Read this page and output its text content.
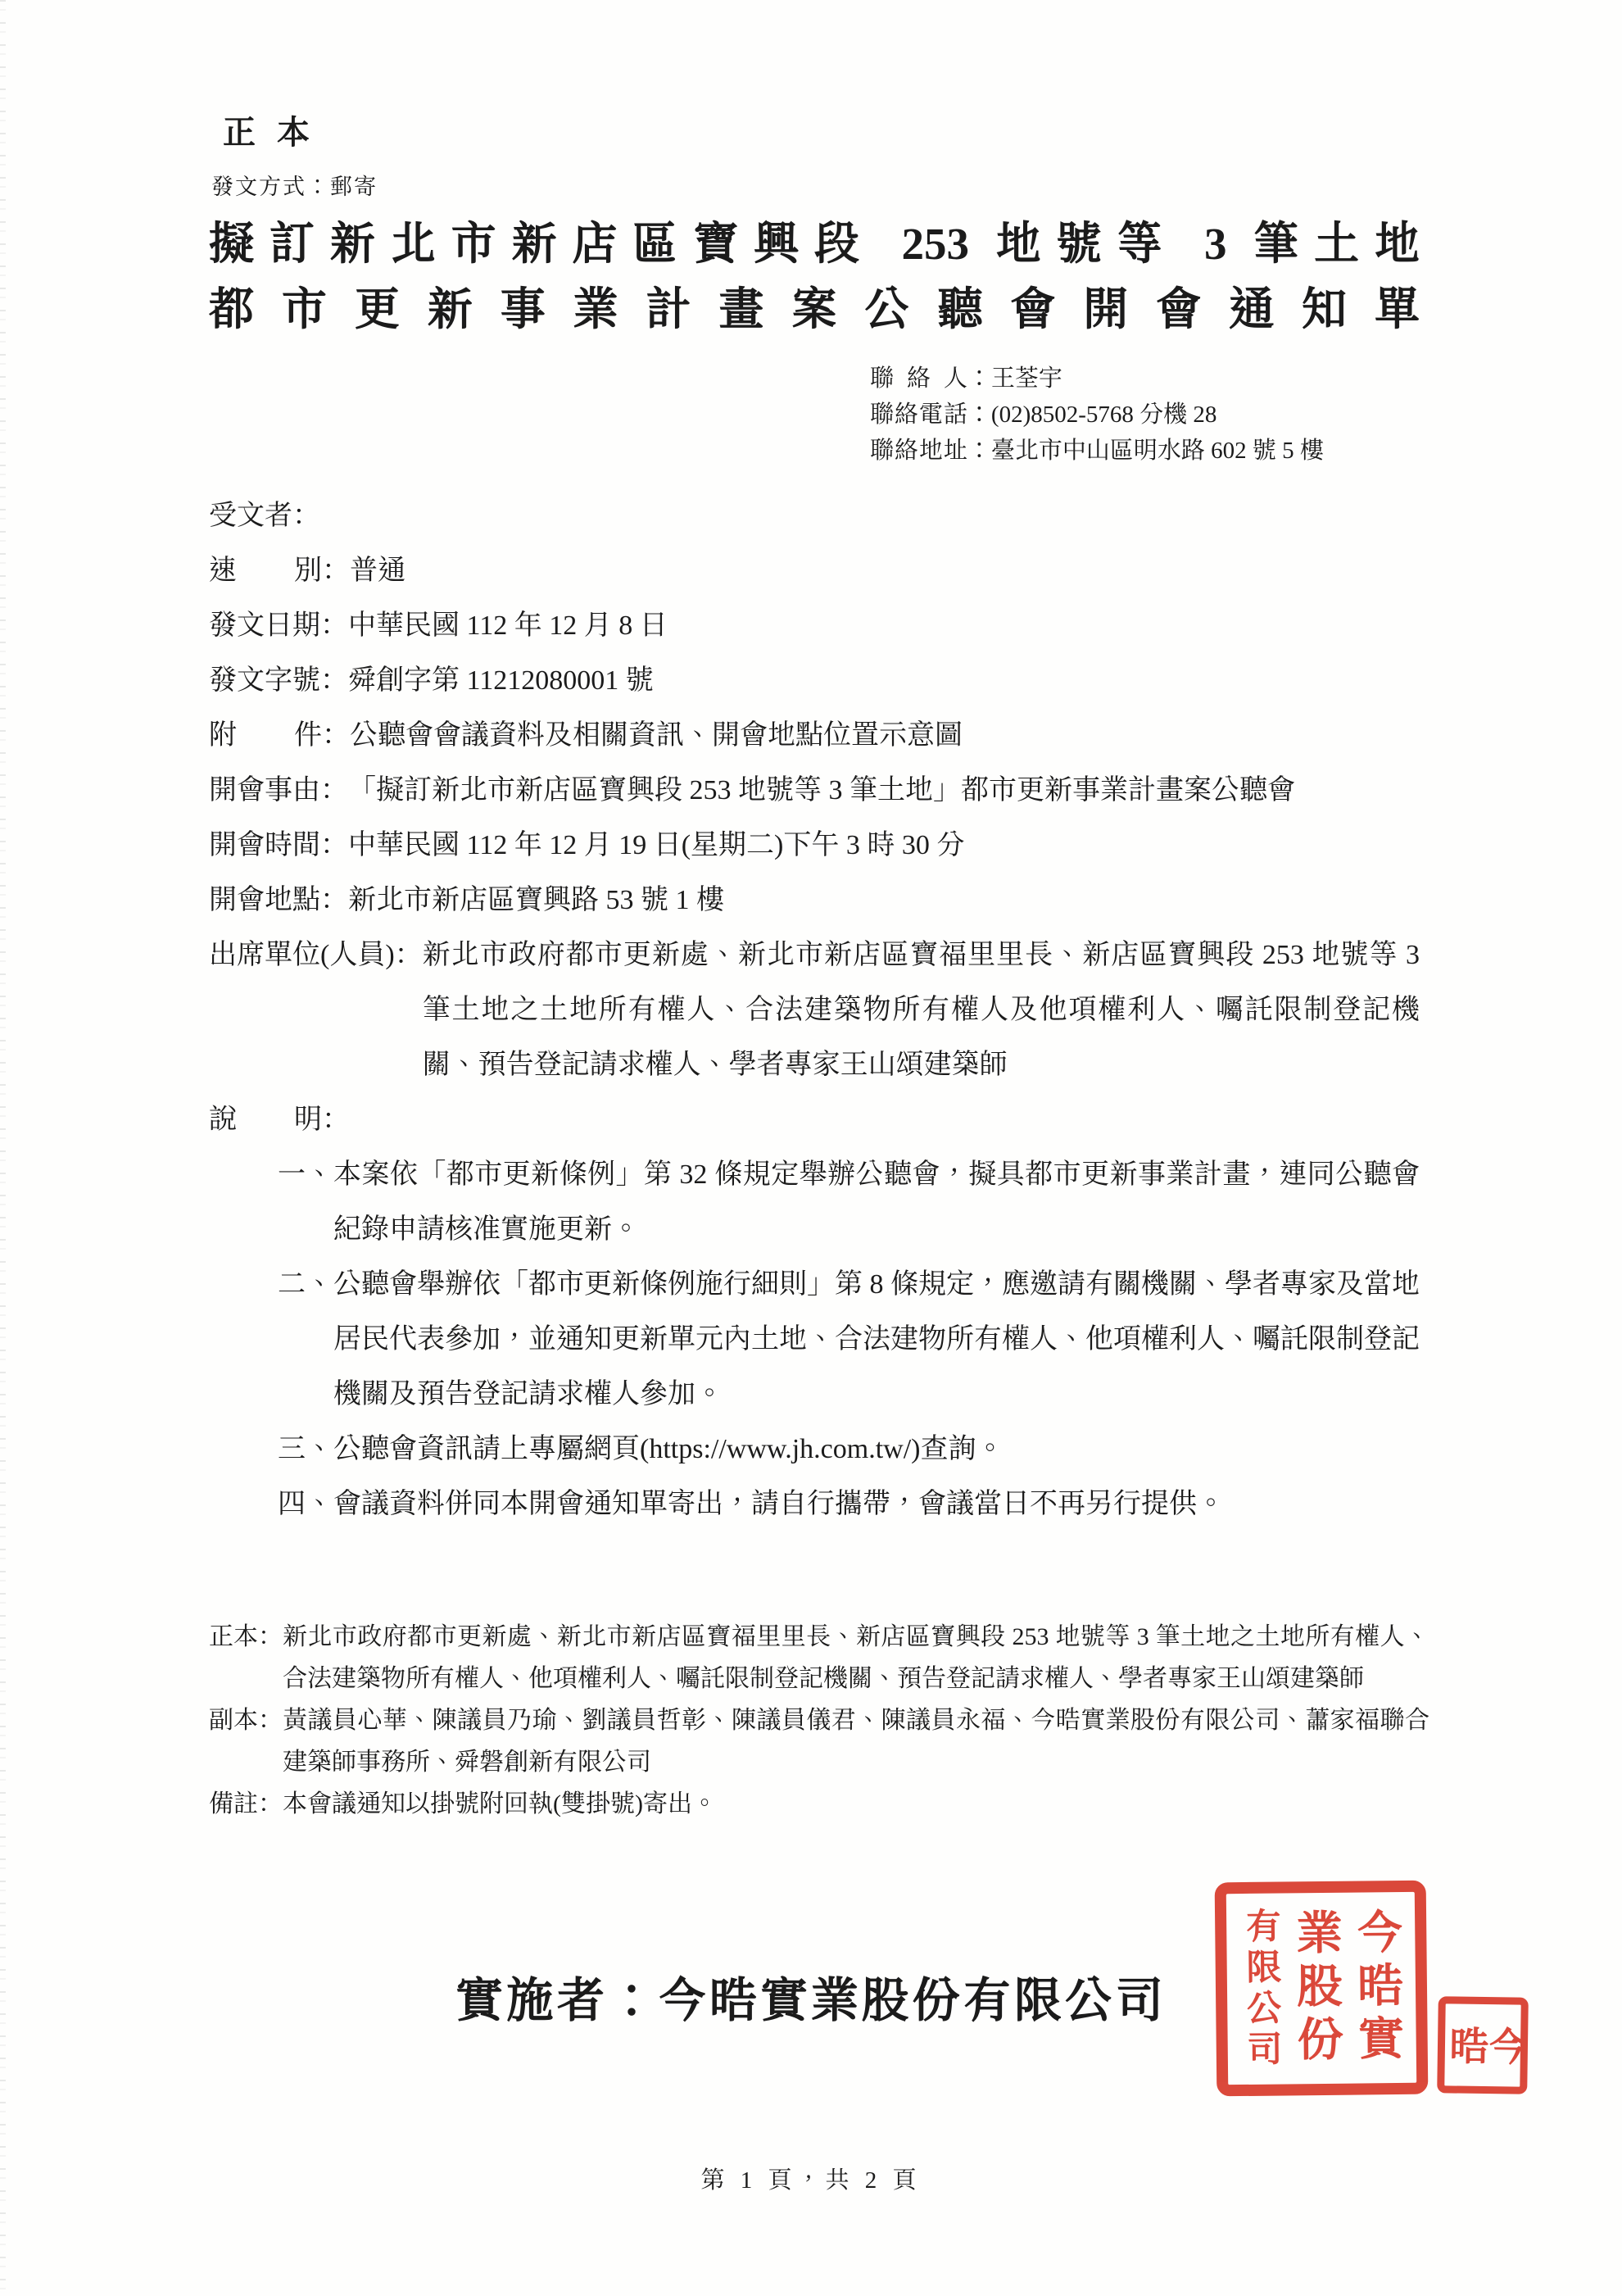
正本
發文方式：郵寄
擬訂新北市新店區寶興段 253 地號等 3 筆土地
都市更新事業計畫案公聽會開會通知單
聯絡人：王荃宇
聯絡電話：(02)8502-5768 分機 28
聯絡地址：臺北市中山區明水路 602 號 5 樓
受文者 ：
速別 ： 普通
發文日期 ： 中華民國 112 年 12 月 8 日
發文字號 ： 舜創字第 11212080001 號
附件 ： 公聽會會議資料及相關資訊、開會地點位置示意圖
開會事由 ： 「擬訂新北市新店區寶興段 253 地號等 3 筆土地」都市更新事業計畫案公聽會
開會時間 ： 中華民國 112 年 12 月 19 日(星期二)下午 3 時 30 分
開會地點 ： 新北市新店區寶興路 53 號 1 樓
出席單位(人員) ： 新北市政府都市更新處、新北市新店區寶福里里長、新店區寶興段 253 地號等 3 筆土地之土地所有權人、合法建築物所有權人及他項權利人、囑託限制登記機關、預告登記請求權人、學者專家王山頌建築師
說明 ：
一、 本案依「都市更新條例」第 32 條規定舉辦公聽會，擬具都市更新事業計畫，連同公聽會紀錄申請核准實施更新。
二、 公聽會舉辦依「都市更新條例施行細則」第 8 條規定，應邀請有關機關、學者專家及當地居民代表參加，並通知更新單元內土地、合法建物所有權人、他項權利人、囑託限制登記機關及預告登記請求權人參加。
三、 公聽會資訊請上專屬網頁(https://www.jh.com.tw/)查詢。
四、 會議資料併同本開會通知單寄出，請自行攜帶，會議當日不再另行提供。
正本 ： 新北市政府都市更新處、新北市新店區寶福里里長、新店區寶興段 253 地號等 3 筆土地之土地所有權人、合法建築物所有權人、他項權利人、囑託限制登記機關、預告登記請求權人、學者專家王山頌建築師
副本 ： 黃議員心華、陳議員乃瑜、劉議員哲彰、陳議員儀君、陳議員永福、今晧實業股份有限公司、蕭家福聯合建築師事務所、舜磐創新有限公司
備註 ： 本會議通知以掛號附回執(雙掛號)寄出。
實施者：今晧實業股份有限公司	今晧實
業股份
有限公司	今
晧
第 1 頁，共 2 頁
